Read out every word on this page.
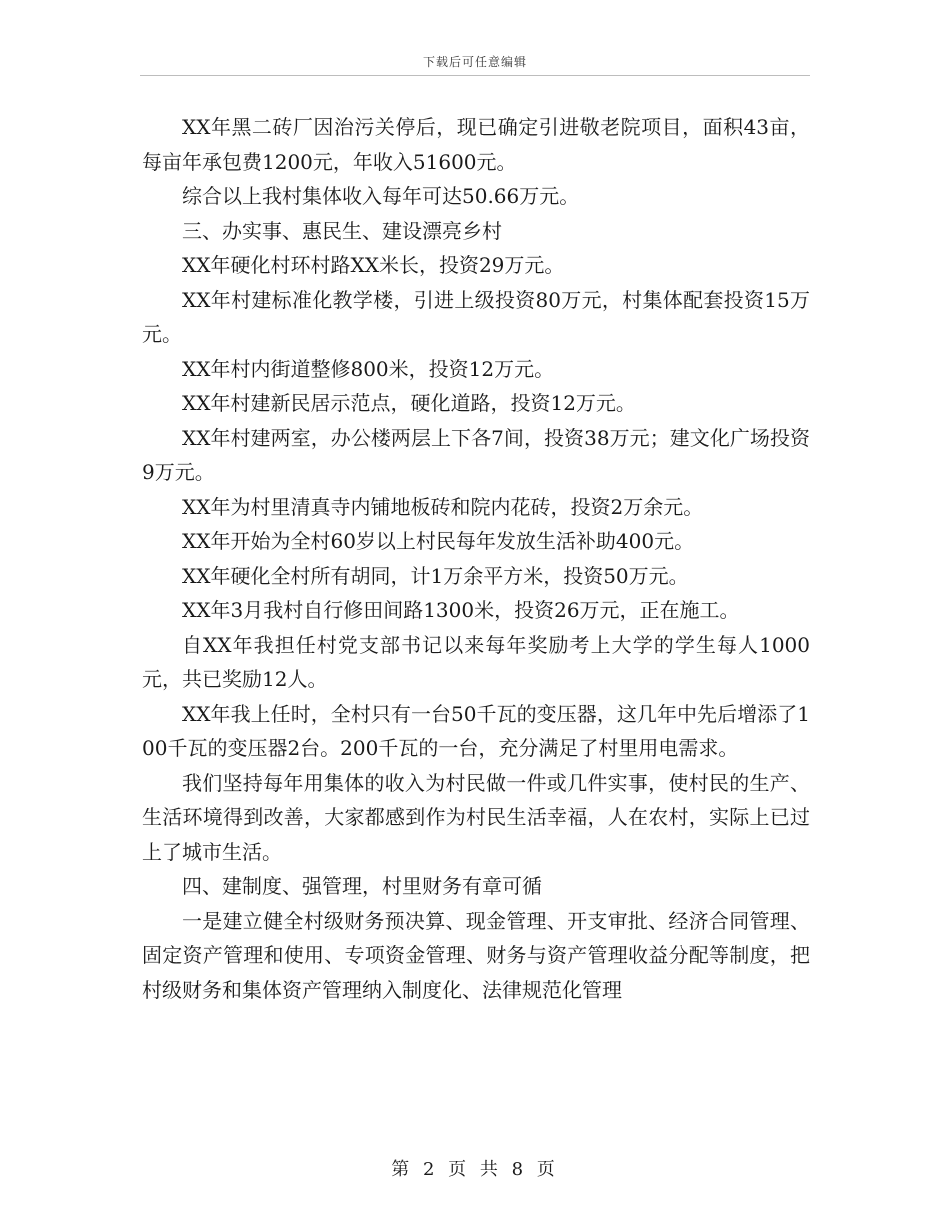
下载后可任意编辑

XX年黑二砖厂因治污关停后，现已确定引进敬老院项目，面积43亩，每亩年承包费1200元，年收入51600元。

综合以上我村集体收入每年可达50.66万元。

三、办实事、惠民生、建设漂亮乡村

XX年硬化村环村路XX米长，投资29万元。

XX年村建标准化教学楼，引进上级投资80万元，村集体配套投资15万元。

XX年村内街道整修800米，投资12万元。

XX年村建新民居示范点，硬化道路，投资12万元。

XX年村建两室，办公楼两层上下各7间，投资38万元；建文化广场投资9万元。

XX年为村里清真寺内铺地板砖和院内花砖，投资2万余元。

XX年开始为全村60岁以上村民每年发放生活补助400元。

XX年硬化全村所有胡同，计1万余平方米，投资50万元。

XX年3月我村自行修田间路1300米，投资26万元，正在施工。

自XX年我担任村党支部书记以来每年奖励考上大学的学生每人1000元，共已奖励12人。

XX年我上任时，全村只有一台50千瓦的变压器，这几年中先后增添了100千瓦的变压器2台。200千瓦的一台，充分满足了村里用电需求。

我们坚持每年用集体的收入为村民做一件或几件实事，使村民的生产、生活环境得到改善，大家都感到作为村民生活幸福，人在农村，实际上已过上了城市生活。

四、建制度、强管理，村里财务有章可循

一是建立健全村级财务预决算、现金管理、开支审批、经济合同管理、固定资产管理和使用、专项资金管理、财务与资产管理收益分配等制度，把村级财务和集体资产管理纳入制度化、法律规范化管理

第 2 页 共 8 页
